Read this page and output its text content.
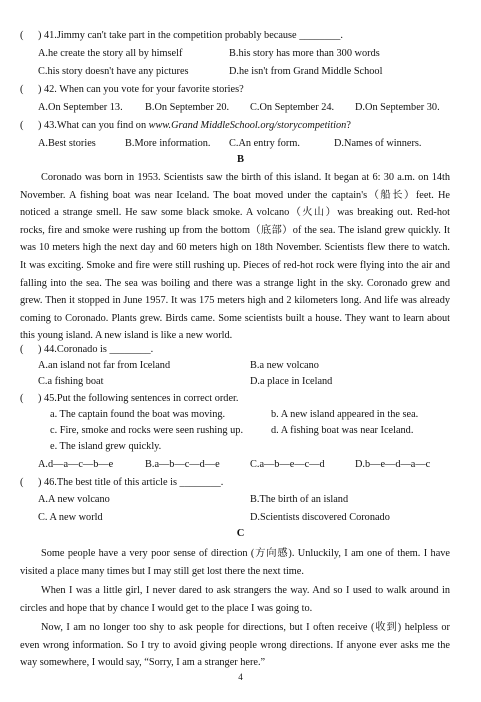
( ) 41.Jimmy can't take part in the competition probably because ________.
A.he create the story all by himself	B.his story has more than 300 words
C.his story doesn't have any pictures	D.he isn't from Grand Middle School
( ) 42. When can you vote for your favorite stories?
A.On September 13. B.On September 20. C.On September 24. D.On September 30.
( ) 43.What can you find on www.Grand MiddleSchool.org/storycompetition?
A.Best stories	B.More information. C.An entry form.	D.Names of winners.
B
Coronado was born in 1953. Scientists saw the birth of this island. It began at 6: 30 a.m. on 14th November. A fishing boat was near Iceland. The boat moved under the captain's（船长）feet. He noticed a strange smell. He saw some black smoke. A volcano（火山）was breaking out. Red-hot rocks, fire and smoke were rushing up from the bottom（底部）of the sea. The island grew quickly. It was 10 meters high the next day and 60 meters high on 18th November. Scientists flew there to watch. It was exciting. Smoke and fire were still rushing up. Pieces of red-hot rock were flying into the air and falling into the sea. The sea was boiling and there was a strange light in the sky. Coronado grew and grew. Then it stopped in June 1957. It was 175 meters high and 2 kilometers long. And life was already coming to Coronado. Plants grew. Birds came. Some scientists built a house. They want to learn about this young island. A new island is like a new world.
( ) 44.Coronado is ________.
A.an island not far from Iceland	B.a new volcano
C.a fishing boat	D.a place in Iceland
( ) 45.Put the following sentences in correct order.
a. The captain found the boat was moving.	b. A new island appeared in the sea.
c. Fire, smoke and rocks were seen rushing up.	d. A fishing boat was near Iceland.
e. The island grew quickly.
A.d—a—c—b—e	B.a—b—c—d—e	C.a—b—e—c—d	D.b—e—d—a—c
( ) 46.The best title of this article is ________.
A.A new volcano	B.The birth of an island
C. A new world	D.Scientists discovered Coronado
C
Some people have a very poor sense of direction (方向感). Unluckily, I am one of them. I have visited a place many times but I may still get lost there the next time.
When I was a little girl, I never dared to ask strangers the way. And so I used to walk around in circles and hope that by chance I would get to the place I was going to.
Now, I am no longer too shy to ask people for directions, but I often receive (收到) helpless or even wrong information. So I try to avoid giving people wrong directions. If anyone ever asks me the way somewhere, I would say, “Sorry, I am a stranger here.”
4
